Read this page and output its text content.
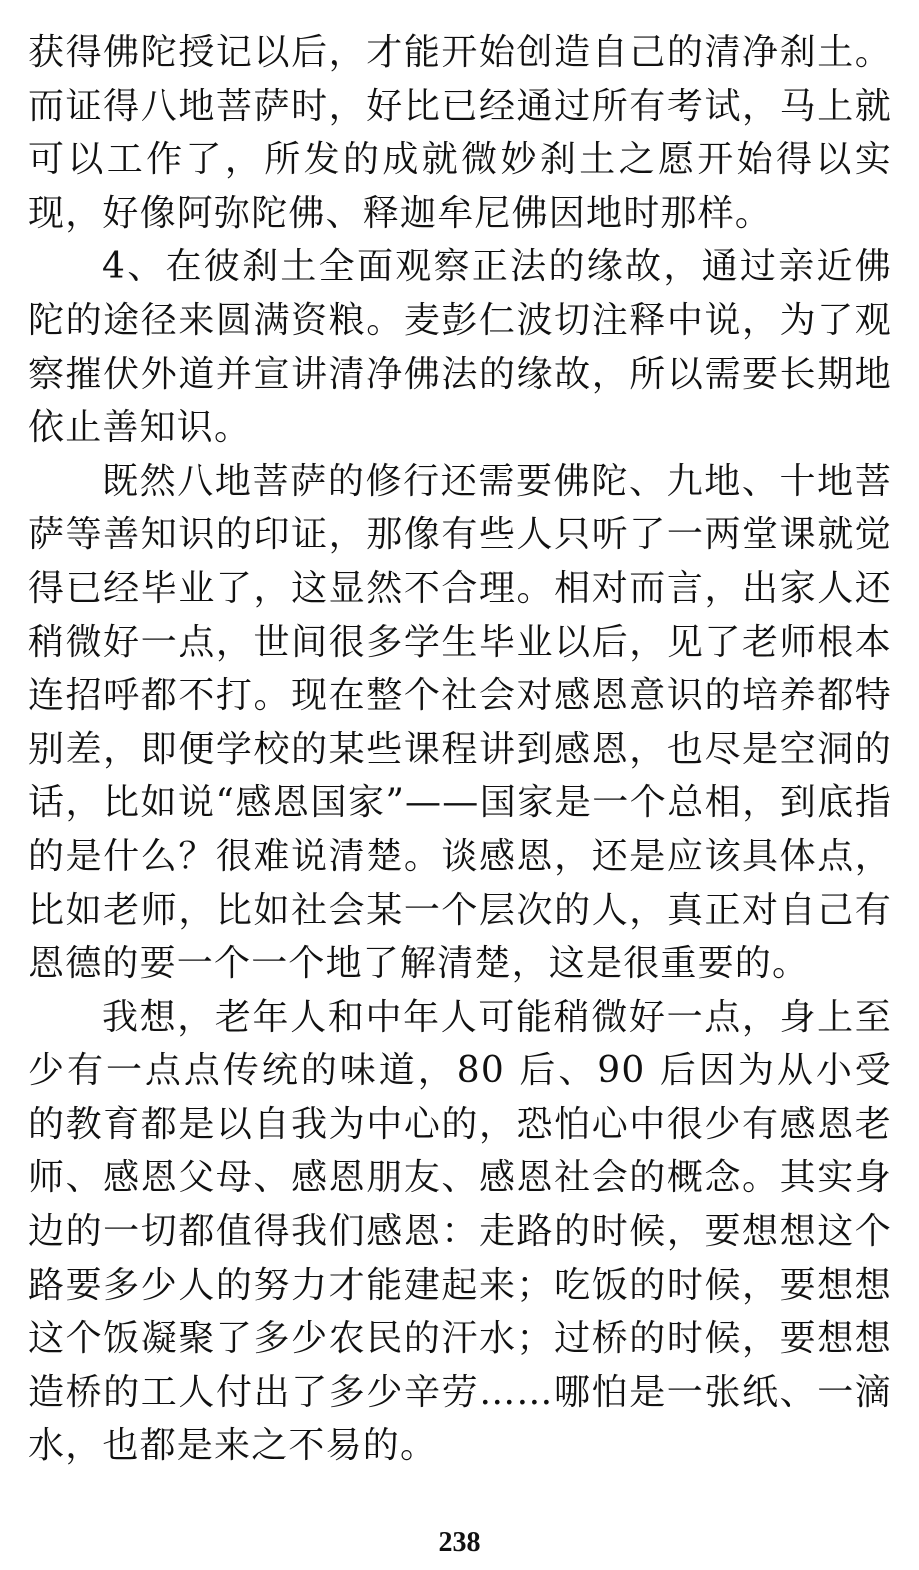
获得佛陀授记以后，才能开始创造自己的清净刹土。而证得八地菩萨时，好比已经通过所有考试，马上就可以工作了，所发的成就微妙刹土之愿开始得以实现，好像阿弥陀佛、释迦牟尼佛因地时那样。

4、在彼刹土全面观察正法的缘故，通过亲近佛陀的途径来圆满资粮。麦彭仁波切注释中说，为了观察摧伏外道并宣讲清净佛法的缘故，所以需要长期地依止善知识。

既然八地菩萨的修行还需要佛陀、九地、十地菩萨等善知识的印证，那像有些人只听了一两堂课就觉得已经毕业了，这显然不合理。相对而言，出家人还稍微好一点，世间很多学生毕业以后，见了老师根本连招呼都不打。现在整个社会对感恩意识的培养都特别差，即便学校的某些课程讲到感恩，也尽是空洞的话，比如说“感恩国家”——国家是一个总相，到底指的是什么？很难说清楚。谈感恩，还是应该具体点，比如老师，比如社会某一个层次的人，真正对自己有恩德的要一个一个地了解清楚，这是很重要的。

我想，老年人和中年人可能稍微好一点，身上至少有一点点传统的味道，80 后、90 后因为从小受的教育都是以自我为中心的，恐怕心中很少有感恩老师、感恩父母、感恩朋友、感恩社会的概念。其实身边的一切都值得我们感恩：走路的时候，要想想这个路要多少人的努力才能建起来；吃饭的时候，要想想这个饭凝聚了多少农民的汗水；过桥的时候，要想想造桥的工人付出了多少辛劳……哪怕是一张纸、一滴水，也都是来之不易的。

238
